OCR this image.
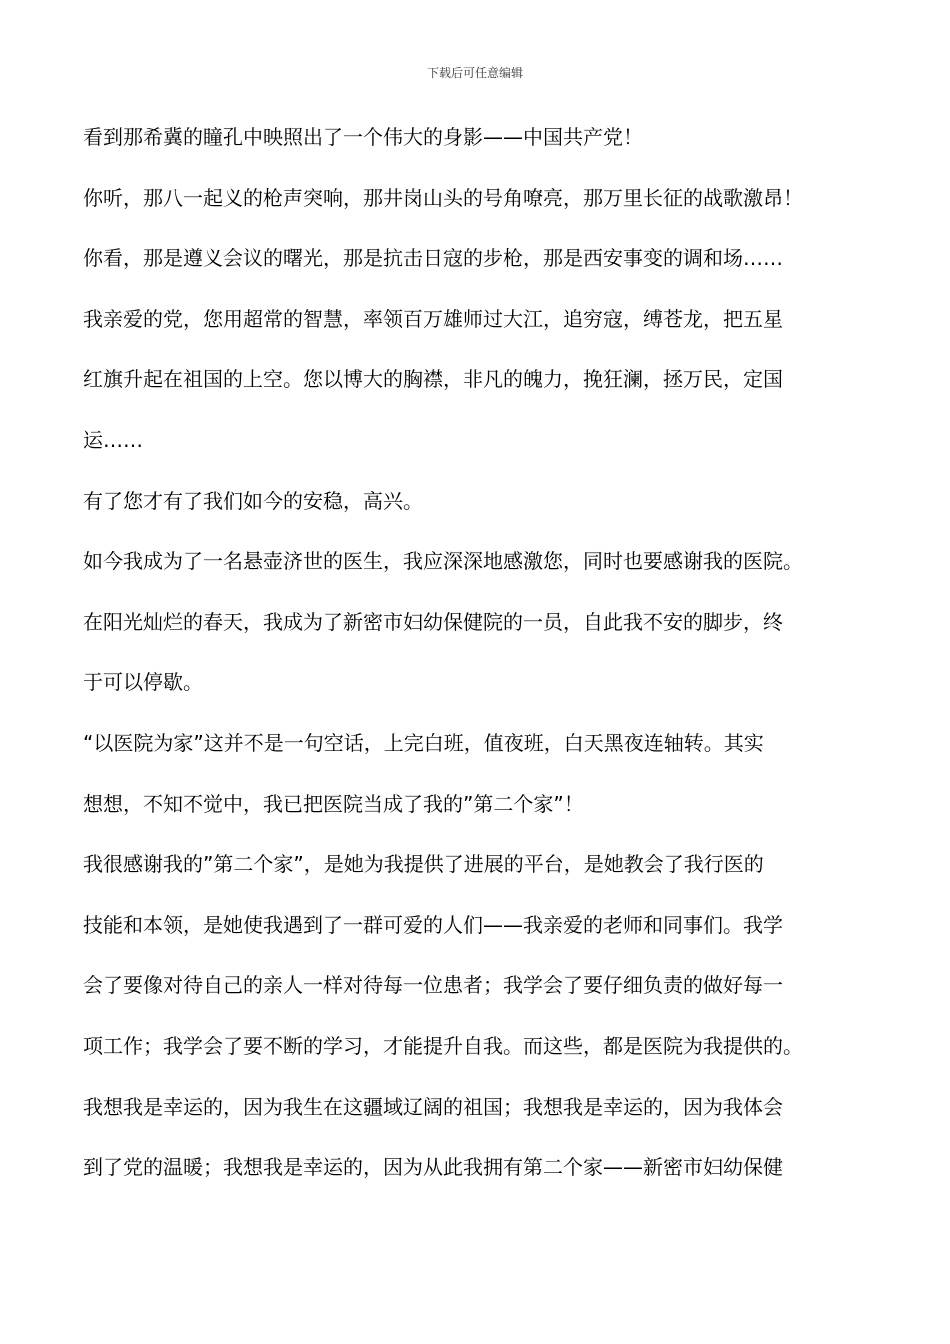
下载后可任意编辑
看到那希冀的瞳孔中映照出了一个伟大的身影——中国共产党！
你听，那八一起义的枪声突响，那井岗山头的号角嘹亮，那万里长征的战歌激昂！
你看，那是遵义会议的曙光，那是抗击日寇的步枪，那是西安事变的调和场……
我亲爱的党，您用超常的智慧，率领百万雄师过大江，追穷寇，缚苍龙，把五星
红旗升起在祖国的上空。您以博大的胸襟，非凡的魄力，挽狂澜，拯万民，定国
运……
有了您才有了我们如今的安稳，高兴。
如今我成为了一名悬壶济世的医生，我应深深地感激您，同时也要感谢我的医院。
在阳光灿烂的春天，我成为了新密市妇幼保健院的一员，自此我不安的脚步，终
于可以停歇。
“以医院为家”这并不是一句空话，上完白班，值夜班，白天黑夜连轴转。其实
想想，不知不觉中，我已把医院当成了我的”第二个家”！
我很感谢我的”第二个家”，是她为我提供了进展的平台，是她教会了我行医的
技能和本领，是她使我遇到了一群可爱的人们——我亲爱的老师和同事们。我学
会了要像对待自己的亲人一样对待每一位患者；我学会了要仔细负责的做好每一
项工作；我学会了要不断的学习，才能提升自我。而这些，都是医院为我提供的。
我想我是幸运的，因为我生在这疆域辽阔的祖国；我想我是幸运的，因为我体会
到了党的温暖；我想我是幸运的，因为从此我拥有第二个家——新密市妇幼保健
